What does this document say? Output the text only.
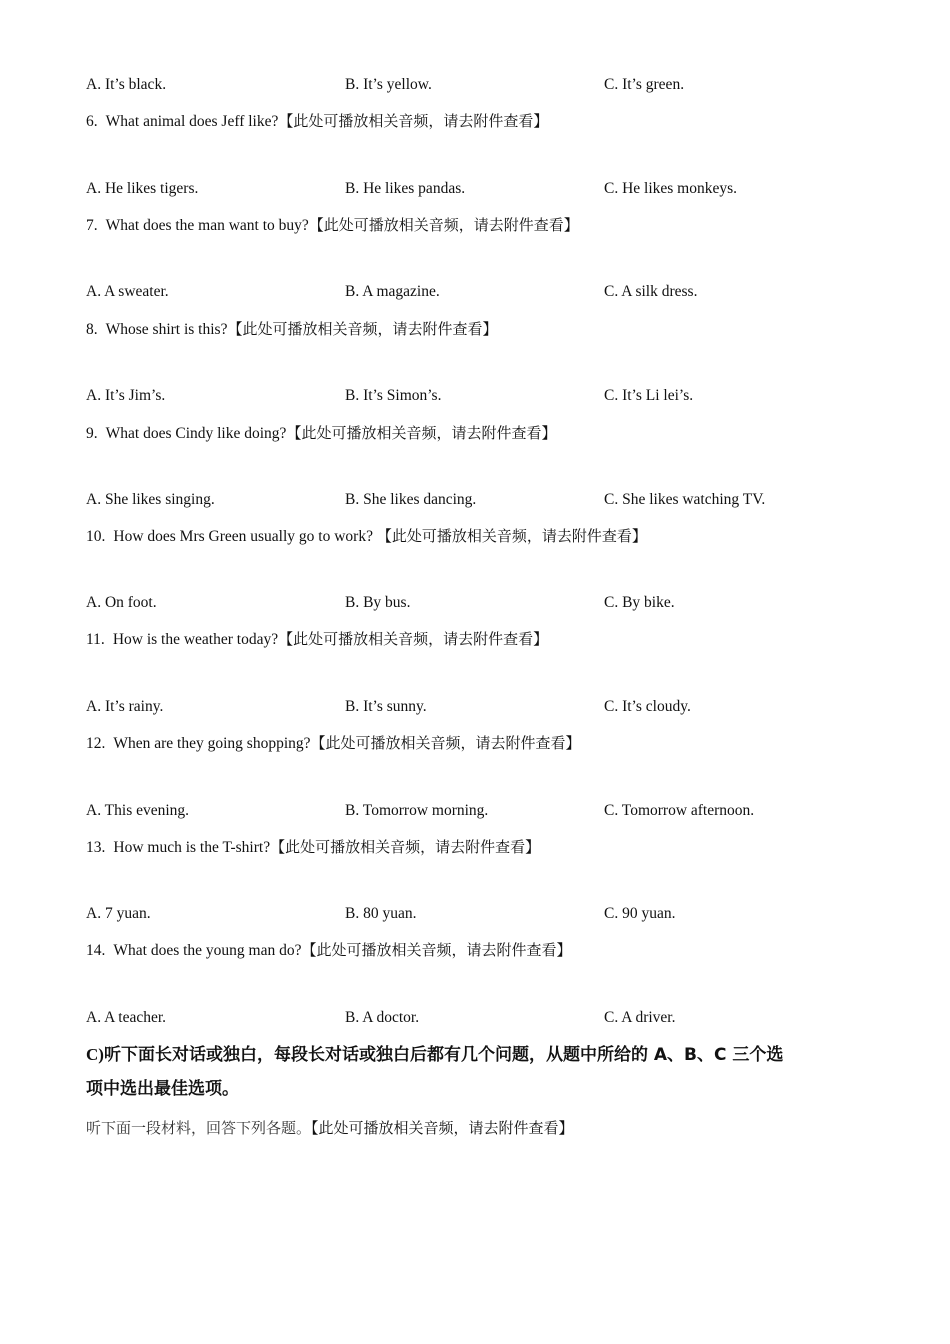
A. It’s black.	B. It’s yellow.	C. It’s green.
6. What animal does Jeff like?【此处可播放相关音频，请去附件查看】
A. He likes tigers.	B. He likes pandas.	C. He likes monkeys.
7. What does the man want to buy?【此处可播放相关音频，请去附件查看】
A. A sweater.	B. A magazine.	C. A silk dress.
8. Whose shirt is this?【此处可播放相关音频，请去附件查看】
A. It’s Jim’s.	B. It’s Simon’s.	C. It’s Li lei’s.
9. What does Cindy like doing?【此处可播放相关音频，请去附件查看】
A. She likes singing.	B. She likes dancing.	C. She likes watching TV.
10. How does Mrs Green usually go to work? 【此处可播放相关音频，请去附件查看】
A. On foot.	B. By bus.	C. By bike.
11. How is the weather today?【此处可播放相关音频，请去附件查看】
A. It’s rainy.	B. It’s sunny.	C. It’s cloudy.
12. When are they going shopping?【此处可播放相关音频，请去附件查看】
A. This evening.	B. Tomorrow morning.	C. Tomorrow afternoon.
13. How much is the T-shirt?【此处可播放相关音频，请去附件查看】
A. 7 yuan.	B. 80 yuan.	C. 90 yuan.
14. What does the young man do?【此处可播放相关音频，请去附件查看】
A. A teacher.	B. A doctor.	C. A driver.
C)听下面长对话或独白，每段长对话或独白后都有几个问题，从题中所给的 A、B、C 三个选
项中选出最佳选项。
听下面一段材料，回答下列各题。【此处可播放相关音频，请去附件查看】
